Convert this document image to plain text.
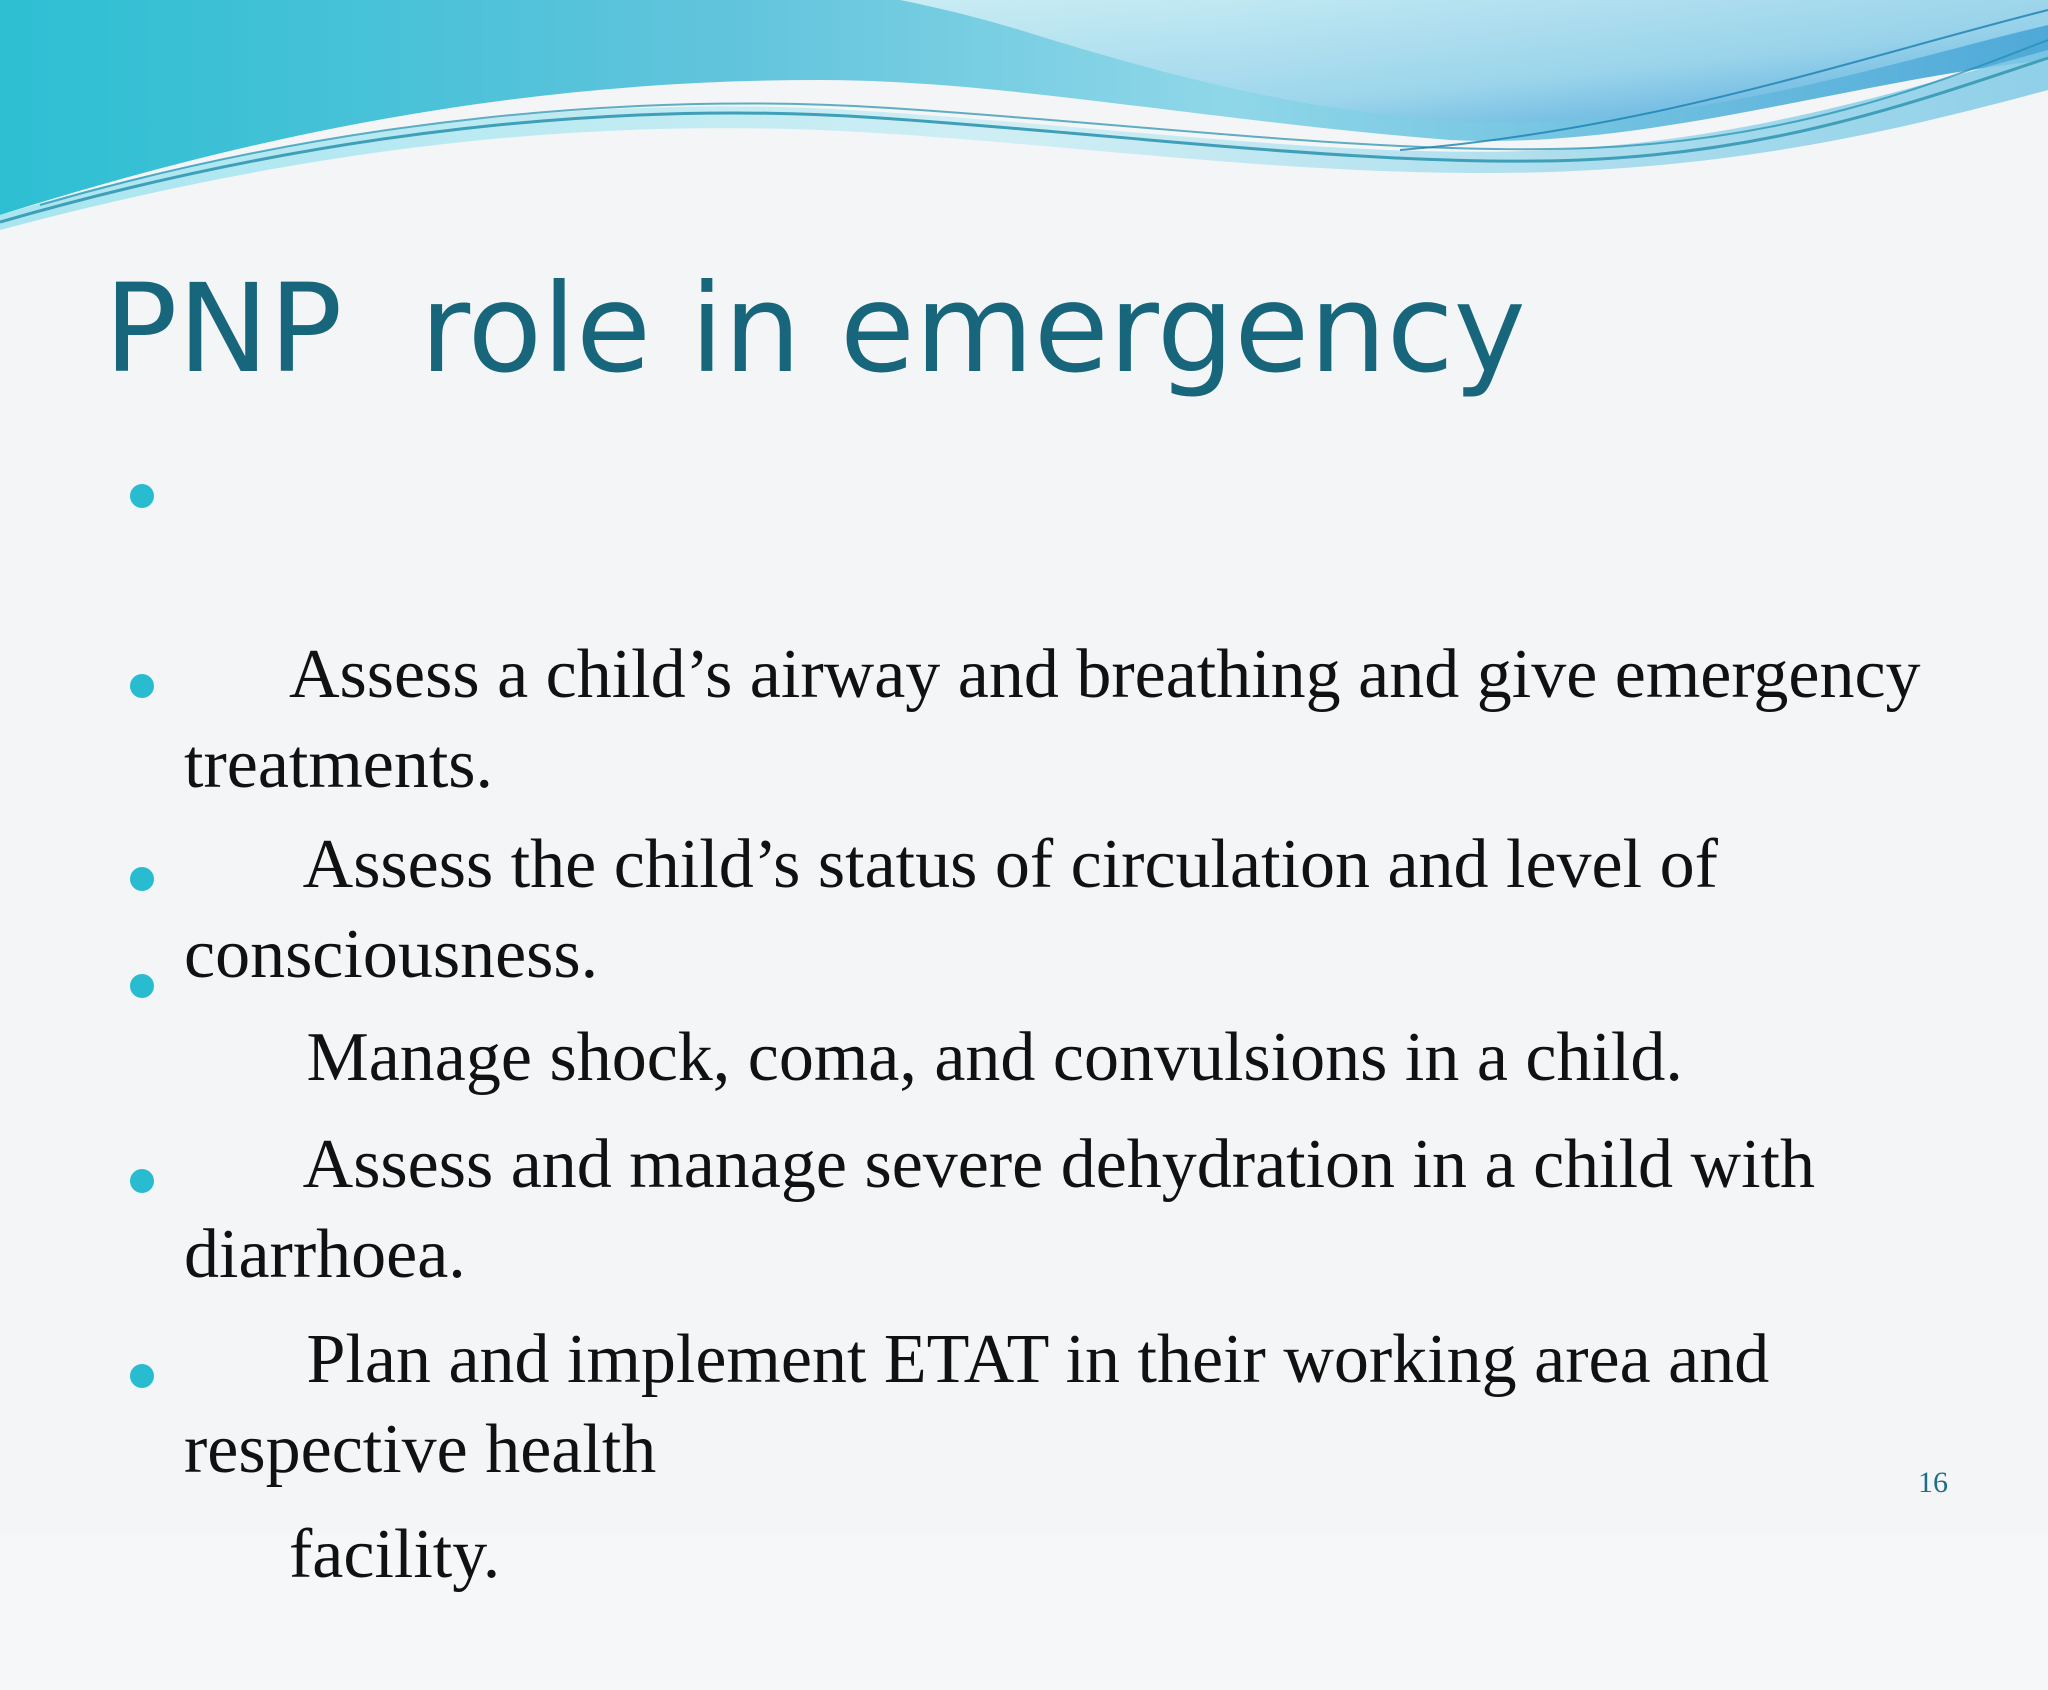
PNP  role in emergency

Assess a child’s airway and breathing and give emergency treatments.

Assess the child’s status of circulation and level of consciousness.

Manage shock, coma, and convulsions in a child.

Assess and manage severe dehydration in a child with diarrhoea.

Plan and implement ETAT in their working area and respective health

facility.

16
